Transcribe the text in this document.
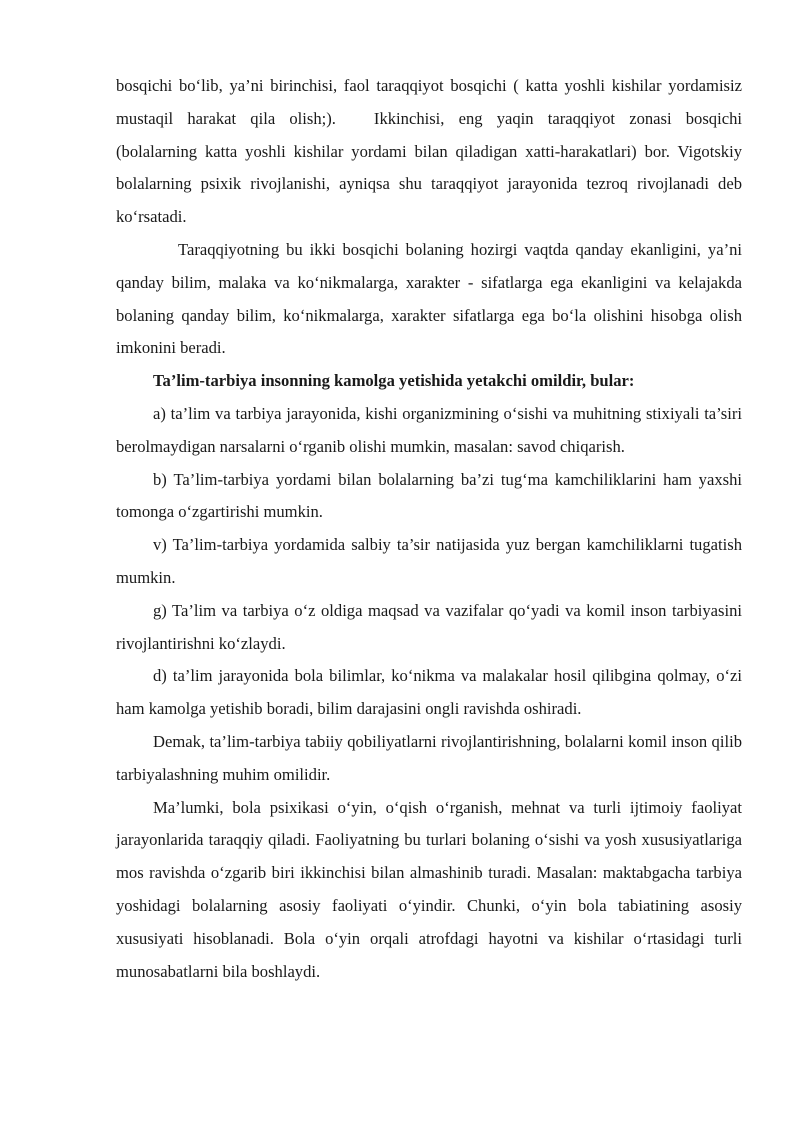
bosqichi bo‘lib, ya’ni birinchisi, faol taraqqiyot bosqichi ( katta yoshli kishilar yordamisiz mustaqil harakat qila olish;). Ikkinchisi, eng yaqin taraqqiyot zonasi bosqichi (bolalarning katta yoshli kishilar yordami bilan qiladigan xatti-harakatlari) bor. Vigotskiy bolalarning psixik rivojlanishi, ayniqsa shu taraqqiyot jarayonida tezroq rivojlanadi deb ko‘rsatadi.

Taraqqiyotning bu ikki bosqichi bolaning hozirgi vaqtda qanday ekanligini, ya’ni qanday bilim, malaka va ko‘nikmalarga, xarakter - sifatlarga ega ekanligini va kelajakda bolaning qanday bilim, ko‘nikmalarga, xarakter sifatlarga ega bo‘la olishini hisobga olish imkonini beradi.

Ta’lim-tarbiya insonning kamolga yetishida yetakchi omildir, bular:

a) ta’lim va tarbiya jarayonida, kishi organizmining o‘sishi va muhitning stixiyali ta’siri berolmaydigan narsalarni o‘rganib olishi mumkin, masalan: savod chiqarish.

b) Ta’lim-tarbiya yordami bilan bolalarning ba’zi tug‘ma kamchiliklarini ham yaxshi tomonga o‘zgartirishi mumkin.

v) Ta’lim-tarbiya yordamida salbiy ta’sir natijasida yuz bergan kamchiliklarni tugatish mumkin.

g) Ta’lim va tarbiya o‘z oldiga maqsad va vazifalar qo‘yadi va komil inson tarbiyasini rivojlantirishni ko‘zlaydi.

d) ta’lim jarayonida bola bilimlar, ko‘nikma va malakalar hosil qilibgina qolmay, o‘zi ham kamolga yetishib boradi, bilim darajasini ongli ravishda oshiradi.

Demak, ta’lim-tarbiya tabiiy qobiliyatlarni rivojlantirishning, bolalarni komil inson qilib tarbiyalashning muhim omilidir.

Ma’lumki, bola psixikasi o‘yin, o‘qish o‘rganish, mehnat va turli ijtimoiy faoliyat jarayonlarida taraqqiy qiladi. Faoliyatning bu turlari bolaning o‘sishi va yosh xususiyatlariga mos ravishda o‘zgarib biri ikkinchisi bilan almashinib turadi. Masalan: maktabgacha tarbiya yoshidagi bolalarning asosiy faoliyati o‘yindir. Chunki, o‘yin bola tabiatining asosiy xususiyati hisoblanadi. Bola o‘yin orqali atrofdagi hayotni va kishilar o‘rtasidagi turli munosabatlarni bila boshlaydi.
